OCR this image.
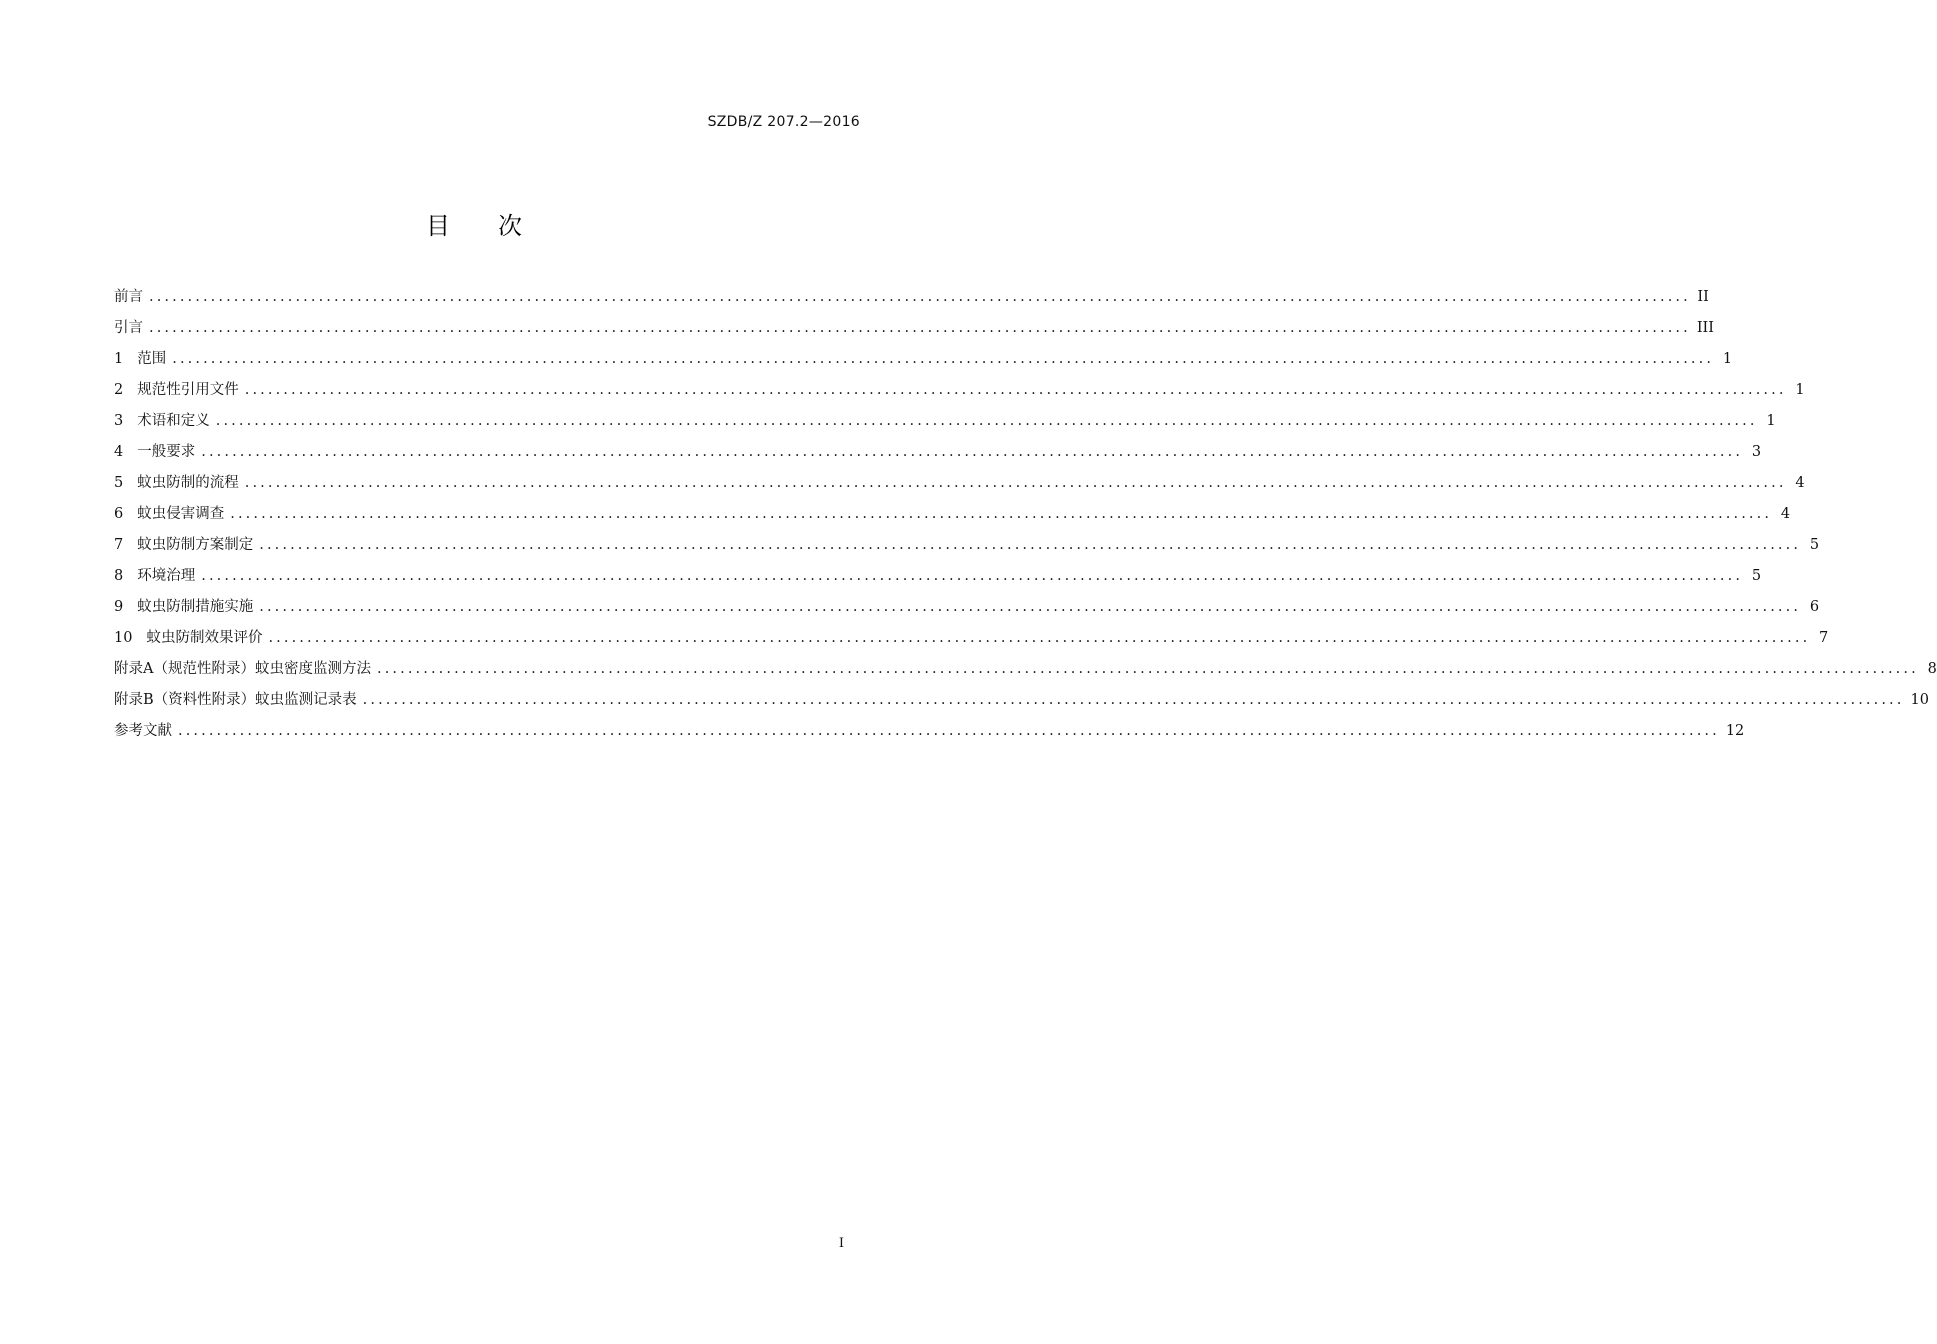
SZDB/Z 207.2—2016
目 次
前言 ........................................................................................................................................................................................................ II
引言 ........................................................................................................................................................................................................ III
1 范围 ........................................................................................................................................................................................................ 1
2 规范性引用文件 ........................................................................................................................................................................................................ 1
3 术语和定义 ........................................................................................................................................................................................................ 1
4 一般要求 ........................................................................................................................................................................................................ 3
5 蚊虫防制的流程 ........................................................................................................................................................................................................ 4
6 蚊虫侵害调查 ........................................................................................................................................................................................................ 4
7 蚊虫防制方案制定 ........................................................................................................................................................................................................ 5
8 环境治理 ........................................................................................................................................................................................................ 5
9 蚊虫防制措施实施 ........................................................................................................................................................................................................ 6
10 蚊虫防制效果评价 ........................................................................................................................................................................................................ 7
附录A（规范性附录） 蚊虫密度监测方法 ........................................................................................................................................................................................................ 8
附录B（资料性附录） 蚊虫监测记录表 ........................................................................................................................................................................................................ 10
参考文献 ........................................................................................................................................................................................................ 12
I
